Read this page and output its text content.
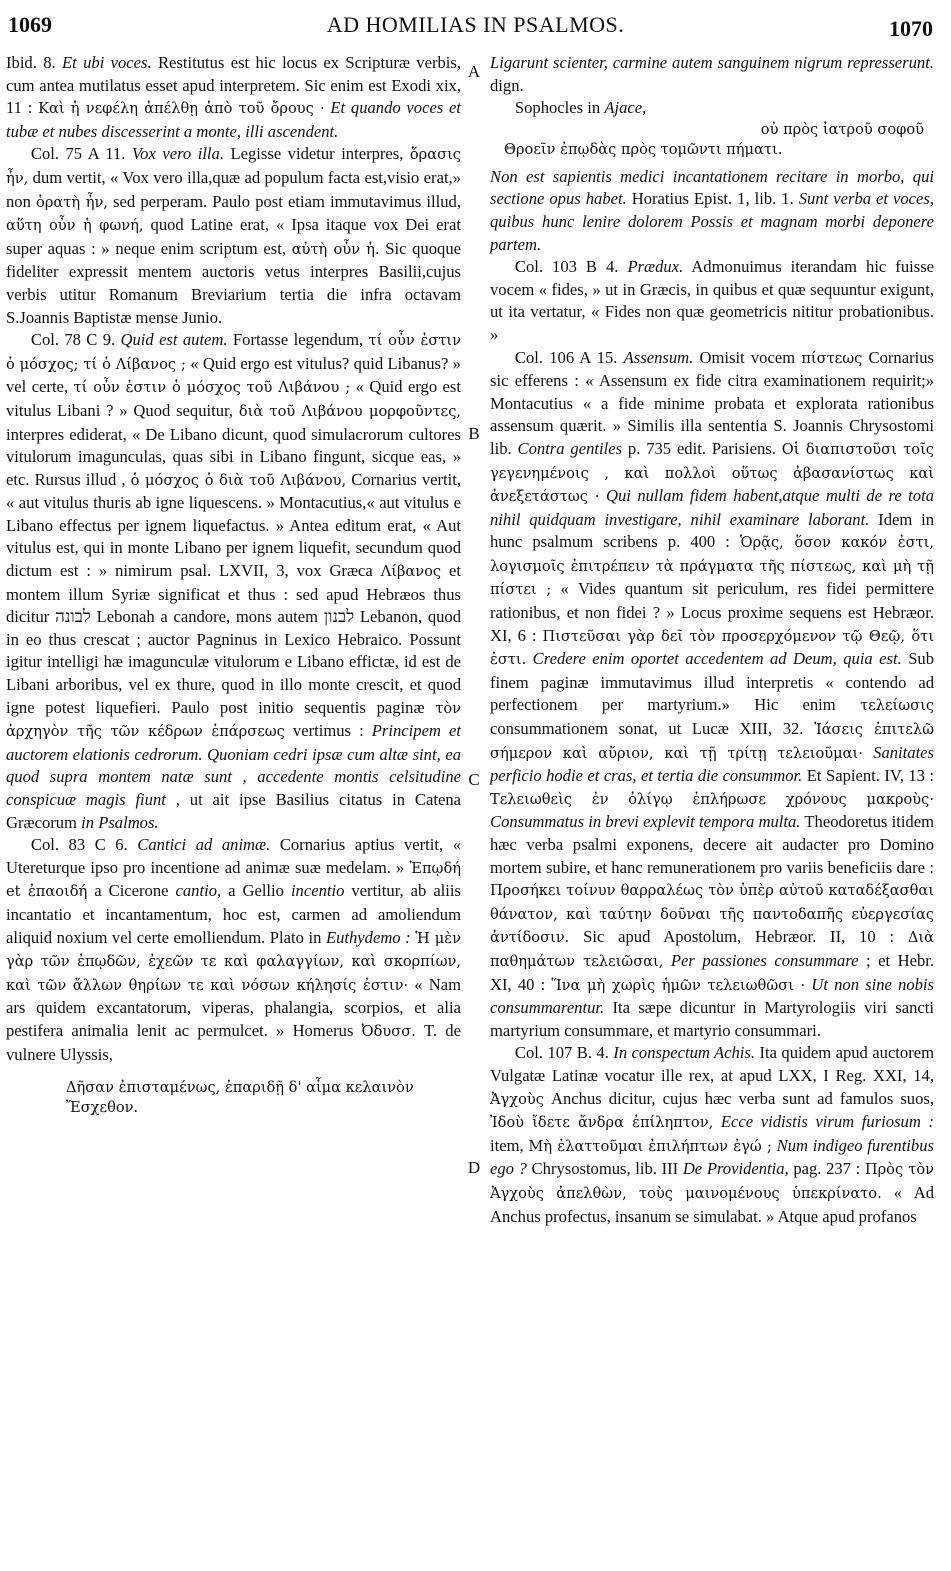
1069	AD HOMILIAS IN PSALMOS.	1070
A
B
C
D

Ibid. 8. Et ubi voces. Restitutus est hic locus ex Scripturæ verbis, cum antea mutilatus esset apud interpretem. Sic enim est Exodi xix, 11 : Καὶ ἡ νεφέλη ἀπέλθῃ ἀπὸ τοῦ ὄρους · Et quando voces et tubæ et nubes discesserint a monte, illi ascendent.

Col. 75 A 11. Vox vero illa. Legisse videtur interpres, ὅρασις ἦν, dum vertit, « Vox vero illa,quæ ad populum facta est,visio erat,» non ὁρατὴ ἦν, sed perperam. Paulo post etiam immutavimus illud, αὕτη οὖν ἡ φωνή, quod Latine erat, « Ipsa itaque vox Dei erat super aquas : » neque enim scriptum est, αὐτὴ οὖν ἡ. Sic quoque fideliter expressit mentem auctoris vetus interpres Basilii,cujus verbis utitur Romanum Breviarium tertia die infra octavam S.Joannis Baptistæ mense Junio.

Col. 78 C 9. Quid est autem. Fortasse legendum, τί οὖν ἐστιν ὁ μόσχος; τί ὁ Λίβανος ; « Quid ergo est vitulus? quid Libanus? » vel certe, τί οὖν ἐστιν ὁ μόσχος τοῦ Λιβάνου ; « Quid ergo est vitulus Libani ? » Quod sequitur, διὰ τοῦ Λιβάνου μορφοῦντες, interpres ediderat, « De Libano dicunt, quod simulacrorum cultores vitulorum imagunculas, quas sibi in Libano fingunt, sicque eas, » etc. Rursus illud , ὁ μόσχος ὁ διὰ τοῦ Λιβάνου, Cornarius vertit, « aut vitulus thuris ab igne liquescens. » Montacutius,« aut vitulus e Libano effectus per ignem liquefactus. » Antea editum erat, « Aut vitulus est, qui in monte Libano per ignem liquefit, secundum quod dictum est : » nimirum psal. LXVII, 3, vox Græca Λίβανος et montem illum Syriæ significat et thus : sed apud Hebræos thus dicitur לבונה Lebonah a candore, mons autem לבנון Lebanon, quod in eo thus crescat ; auctor Pagninus in Lexico Hebraico. Possunt igitur intelligi hæ imagunculæ vitulorum e Libano effictæ, id est de Libani arboribus, vel ex thure, quod in illo monte crescit, et quod igne potest liquefieri. Paulo post initio sequentis paginæ τὸν ἀρχηγὸν τῆς τῶν κέδρων ἐπάρσεως vertimus : Principem et auctorem elationis cedrorum. Quoniam cedri ipsæ cum altæ sint, ea quod supra montem natæ sunt , accedente montis celsitudine conspicuæ magis fiunt , ut ait ipse Basilius citatus in Catena Græcorum in Psalmos.

Col. 83 C 6. Cantici ad animæ. Cornarius aptius vertit, « Utereturque ipso pro incentione ad animæ suæ medelam. » Ἐπῳδή et ἐπαοιδή a Cicerone cantio, a Gellio incentio vertitur, ab aliis incantatio et incantamentum, hoc est, carmen ad amoliendum aliquid noxium vel certe emolliendum. Plato in Euthydemo : Ἡ μὲν γὰρ τῶν ἐπῳδῶν, ἐχεῶν τε καὶ φαλαγγίων, καὶ σκορπίων, καὶ τῶν ἄλλων θηρίων τε καὶ νόσων κήλησίς ἐστιν· « Nam ars quidem excantatorum, viperas, phalangia, scorpios, et alia pestifera animalia lenit ac permulcet. » Homerus Ὀδυσσ. T. de vulnere Ulyssis,

Δῆσαν ἐπισταμένως, ἐπαριδῇ δ' αἷμα κελαινὸν
Ἔσχεθον.

Ligarunt scienter, carmine autem sanguinem nigrum represserunt. dign.

Sophocles in Ajace,

οὐ πρὸς ἰατροῦ σοφοῦ
Θροεῖν ἐπῳδὰς πρὸς τομῶντι πήματι.

Non est sapientis medici incantationem recitare in morbo, qui sectione opus habet. Horatius Epist. 1, lib. 1. Sunt verba et voces, quibus hunc lenire dolorem Possis et magnam morbi deponere partem.

Col. 103 B 4. Prædux. Admonuimus iterandam hic fuisse vocem « fides, » ut in Græcis, in quibus et quæ sequuntur exigunt, ut ita vertatur, « Fides non quæ geometricis nititur probationibus. »

Col. 106 A 15. Assensum. Omisit vocem πίστεως Cornarius sic efferens : « Assensum ex fide citra examinationem requirit;» Montacutius « a fide minime probata et explorata rationibus assensum quærit. » Similis illa sententia S. Joannis Chrysostomi lib. Contra gentiles p. 735 edit. Parisiens. Οἱ διαπιστοῦσι τοῖς γεγενημένοις , καὶ πολλοὶ οὕτως ἀβασανίστως καὶ ἀνεξετάστως · Qui nullam fidem habent,atque multi de re tota nihil quidquam investigare, nihil examinare laborant. Idem in hunc psalmum scribens p. 400 : Ὁρᾷς, ὅσον κακόν ἐστι, λογισμοῖς ἐπιτρέπειν τὰ πράγματα τῆς πίστεως, καὶ μὴ τῇ πίστει ; « Vides quantum sit periculum, res fidei permittere rationibus, et non fidei ? » Locus proxime sequens est Hebræor. XI, 6 : Πιστεῦσαι γὰρ δεῖ τὸν προσερχόμενον τῷ Θεῷ, ὅτι ἐστι. Credere enim oportet accedentem ad Deum, quia est. Sub finem paginæ immutavimus illud interpretis « contendo ad perfectionem per martyrium.» Hic enim τελείωσις consummationem sonat, ut Lucæ XIII, 32. Ἰάσεις ἐπιτελῶ σήμερον καὶ αὔριον, καὶ τῇ τρίτῃ τελειοῦμαι· Sanitates perficio hodie et cras, et tertia die consummor. Et Sapient. IV, 13 : Τελειωθεὶς ἐν ὀλίγῳ ἐπλήρωσε χρόνους μακροὺς· Consummatus in brevi explevit tempora multa. Theodoretus itidem hæc verba psalmi exponens, decere ait audacter pro Domino mortem subire, et hanc remunerationem pro variis beneficiis dare : Προσήκει τοίνυν θαρραλέως τὸν ὑπὲρ αὐτοῦ καταδέξασθαι θάνατον, καὶ ταύτην δοῦναι τῆς παντοδαπῆς εὐεργεσίας ἀντίδοσιν. Sic apud Apostolum, Hebræor. II, 10 : Διὰ παθημάτων τελειῶσαι, Per passiones consummare ; et Hebr. XI, 40 : Ἵνα μὴ χωρὶς ἡμῶν τελειωθῶσι · Ut non sine nobis consummarentur. Ita sæpe dicuntur in Martyrologiis viri sancti martyrium consummare, et martyrio consummari.

Col. 107 B. 4. In conspectum Achis. Ita quidem apud auctorem Vulgatæ Latinæ vocatur ille rex, at apud LXX, I Reg. XXI, 14, Ἀγχοὺς Anchus dicitur, cujus hæc verba sunt ad famulos suos, Ἰδοὺ ἴδετε ἄνδρα ἐπίληπτον, Ecce vidistis virum furiosum : item, Μὴ ἐλαττοῦμαι ἐπιλήπτων ἐγώ ; Num indigeo furentibus ego ? Chrysostomus, lib. III De Providentia, pag. 237 : Πρὸς τὸν Ἀγχοὺς ἀπελθὼν, τοὺς μαινομένους ὑπεκρίνατο. « Ad Anchus profectus, insanum se simulabat. » Atque apud profanos
